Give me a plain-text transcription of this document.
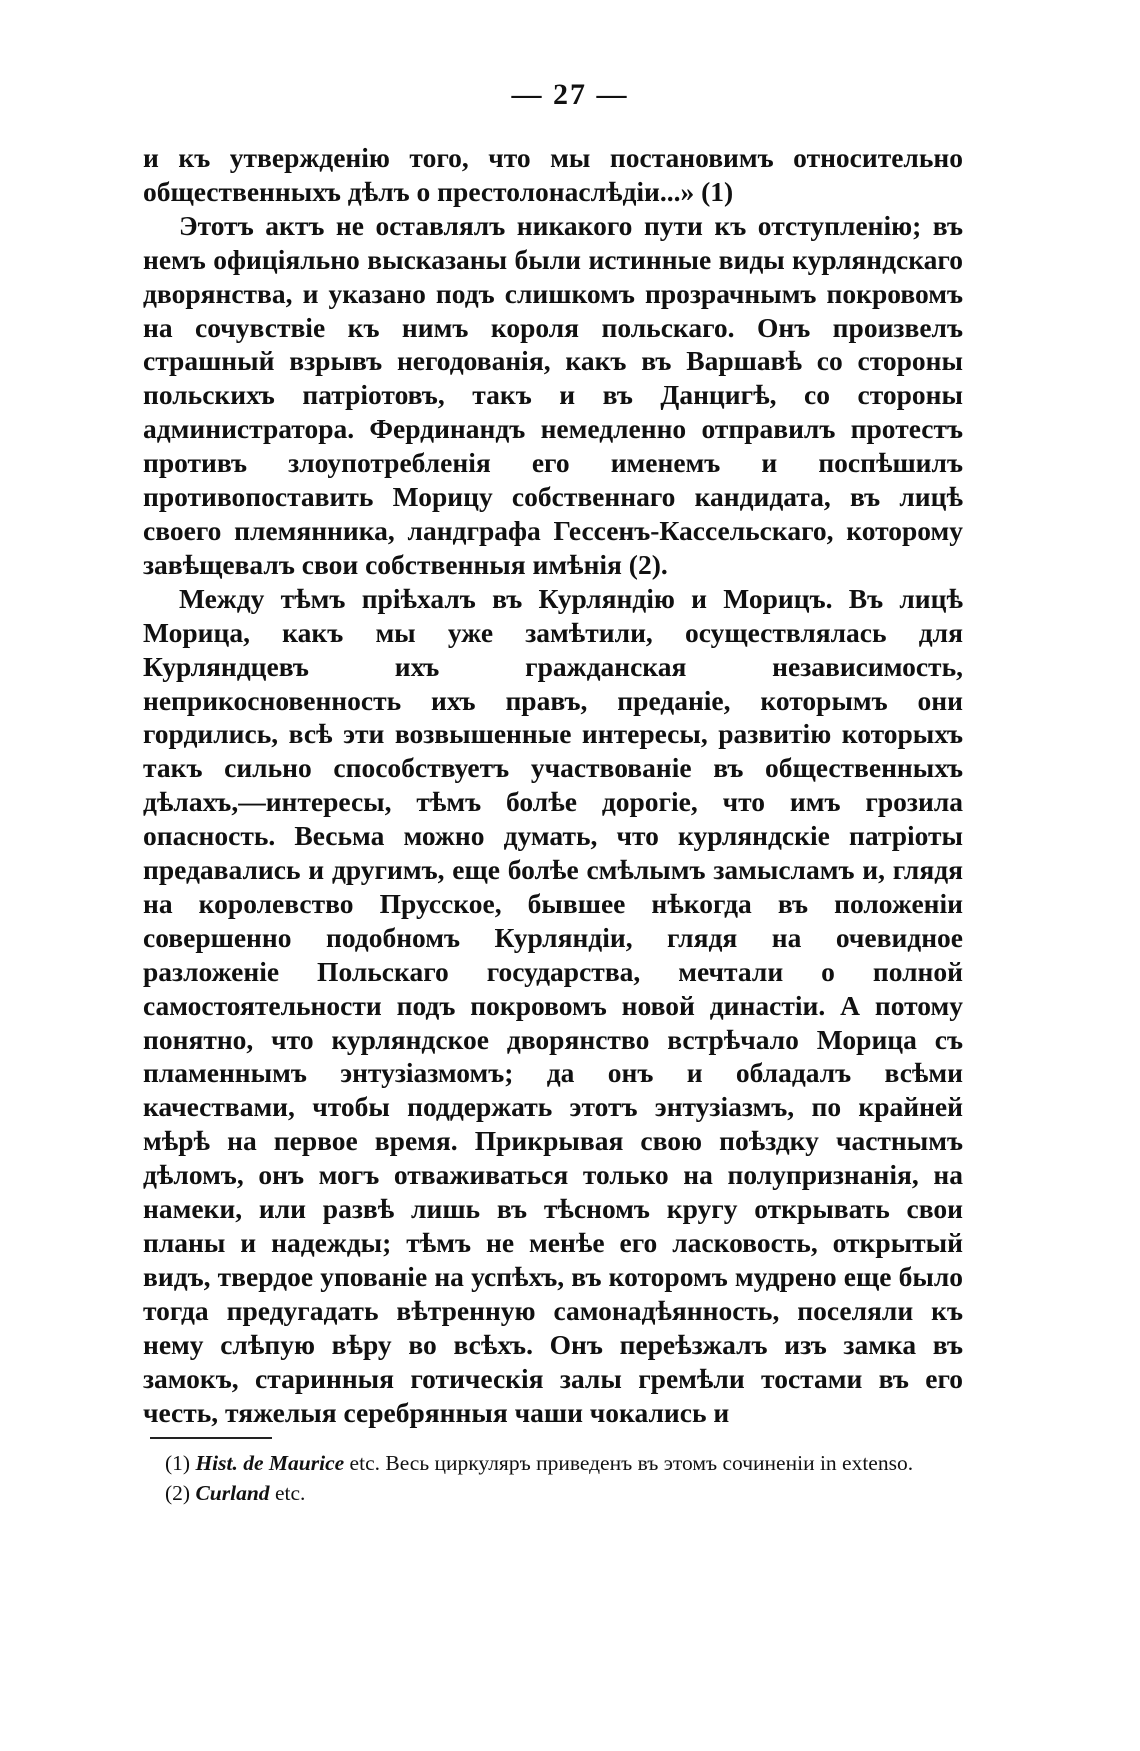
— 27 —

и къ утвержденію того, что мы постановимъ относительно общественныхъ дѣлъ о престолонаслѣдіи...» (1)

Этотъ актъ не оставлялъ никакого пути къ отступленію; въ немъ офиціяльно высказаны были истинные виды курляндскаго дворянства, и указано подъ слишкомъ прозрачнымъ покровомъ на сочувствіе къ нимъ короля польскаго. Онъ произвелъ страшный взрывъ негодованія, какъ въ Варшавѣ со стороны польскихъ патріотовъ, такъ и въ Данцигѣ, со стороны администратора. Фердинандъ немедленно отправилъ протестъ противъ злоупотребленія его именемъ и поспѣшилъ противопоставить Морицу собственнаго кандидата, въ лицѣ своего племянника, ландграфа Гессенъ-Кассельскаго, которому завѣщевалъ свои собственныя имѣнія (2).

Между тѣмъ пріѣхалъ въ Курляндію и Морицъ. Въ лицѣ Морица, какъ мы уже замѣтили, осуществлялась для Курляндцевъ ихъ гражданская независимость, неприкосновенность ихъ правъ, преданіе, которымъ они гордились, всѣ эти возвышенные интересы, развитію которыхъ такъ сильно способствуетъ участвованіе въ общественныхъ дѣлахъ,—интересы, тѣмъ болѣе дорогіе, что имъ грозила опасность. Весьма можно думать, что курляндскіе патріоты предавались и другимъ, еще болѣе смѣлымъ замысламъ и, глядя на королевство Прусское, бывшее нѣкогда въ положеніи совершенно подобномъ Курляндіи, глядя на очевидное разложеніе Польскаго государства, мечтали о полной самостоятельности подъ покровомъ новой династіи. А потому понятно, что курляндское дворянство встрѣчало Морица съ пламеннымъ энтузіазмомъ; да онъ и обладалъ всѣми качествами, чтобы поддержать этотъ энтузіазмъ, по крайней мѣрѣ на первое время. Прикрывая свою поѣздку частнымъ дѣломъ, онъ могъ отваживаться только на полупризнанія, на намеки, или развѣ лишь въ тѣсномъ кругу открывать свои планы и надежды; тѣмъ не менѣе его ласковость, открытый видъ, твердое упованіе на успѣхъ, въ которомъ мудрено еще было тогда предугадать вѣтренную самонадѣянность, поселяли къ нему слѣпую вѣру во всѣхъ. Онъ переѣзжалъ изъ замка въ замокъ, старинныя готическія залы гремѣли тостами въ его честь, тяжелыя серебрянныя чаши чокались и

(1) Hist. de Maurice etc. Весь циркуляръ приведенъ въ этомъ сочиненіи in extenso.

(2) Curland etc.
